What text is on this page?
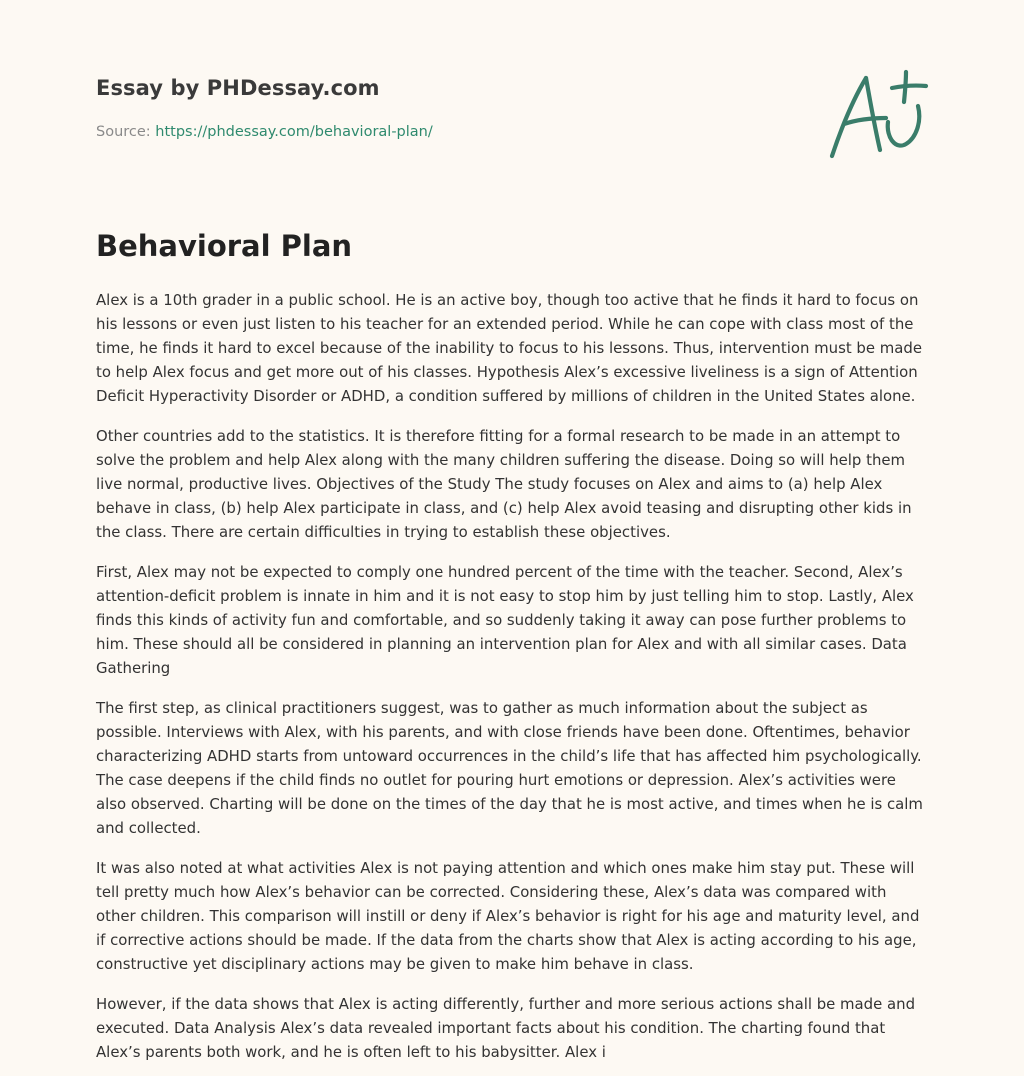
Essay by PHDessay.com
Source: https://phdessay.com/behavioral-plan/
Behavioral Plan

Alex is a 10th grader in a public school. He is an active boy, though too active that he finds it hard to focus on his lessons or even just listen to his teacher for an extended period. While he can cope with class most of the time, he finds it hard to excel because of the inability to focus to his lessons. Thus, intervention must be made to help Alex focus and get more out of his classes. Hypothesis Alex’s excessive liveliness is a sign of Attention Deficit Hyperactivity Disorder or ADHD, a condition suffered by millions of children in the United States alone.

Other countries add to the statistics. It is therefore fitting for a formal research to be made in an attempt to solve the problem and help Alex along with the many children suffering the disease. Doing so will help them live normal, productive lives. Objectives of the Study The study focuses on Alex and aims to (a) help Alex behave in class, (b) help Alex participate in class, and (c) help Alex avoid teasing and disrupting other kids in the class. There are certain difficulties in trying to establish these objectives.

First, Alex may not be expected to comply one hundred percent of the time with the teacher. Second, Alex’s attention-deficit problem is innate in him and it is not easy to stop him by just telling him to stop. Lastly, Alex finds this kinds of activity fun and comfortable, and so suddenly taking it away can pose further problems to him. These should all be considered in planning an intervention plan for Alex and with all similar cases. Data Gathering

The first step, as clinical practitioners suggest, was to gather as much information about the subject as possible. Interviews with Alex, with his parents, and with close friends have been done. Oftentimes, behavior characterizing ADHD starts from untoward occurrences in the child’s life that has affected him psychologically. The case deepens if the child finds no outlet for pouring hurt emotions or depression. Alex’s activities were also observed. Charting will be done on the times of the day that he is most active, and times when he is calm and collected.

It was also noted at what activities Alex is not paying attention and which ones make him stay put. These will tell pretty much how Alex’s behavior can be corrected. Considering these, Alex’s data was compared with other children. This comparison will instill or deny if Alex’s behavior is right for his age and maturity level, and if corrective actions should be made. If the data from the charts show that Alex is acting according to his age, constructive yet disciplinary actions may be given to make him behave in class.

However, if the data shows that Alex is acting differently, further and more serious actions shall be made and executed. Data Analysis Alex’s data revealed important facts about his condition. The charting found that Alex’s parents both work, and he is often left to his babysitter. Alex i
